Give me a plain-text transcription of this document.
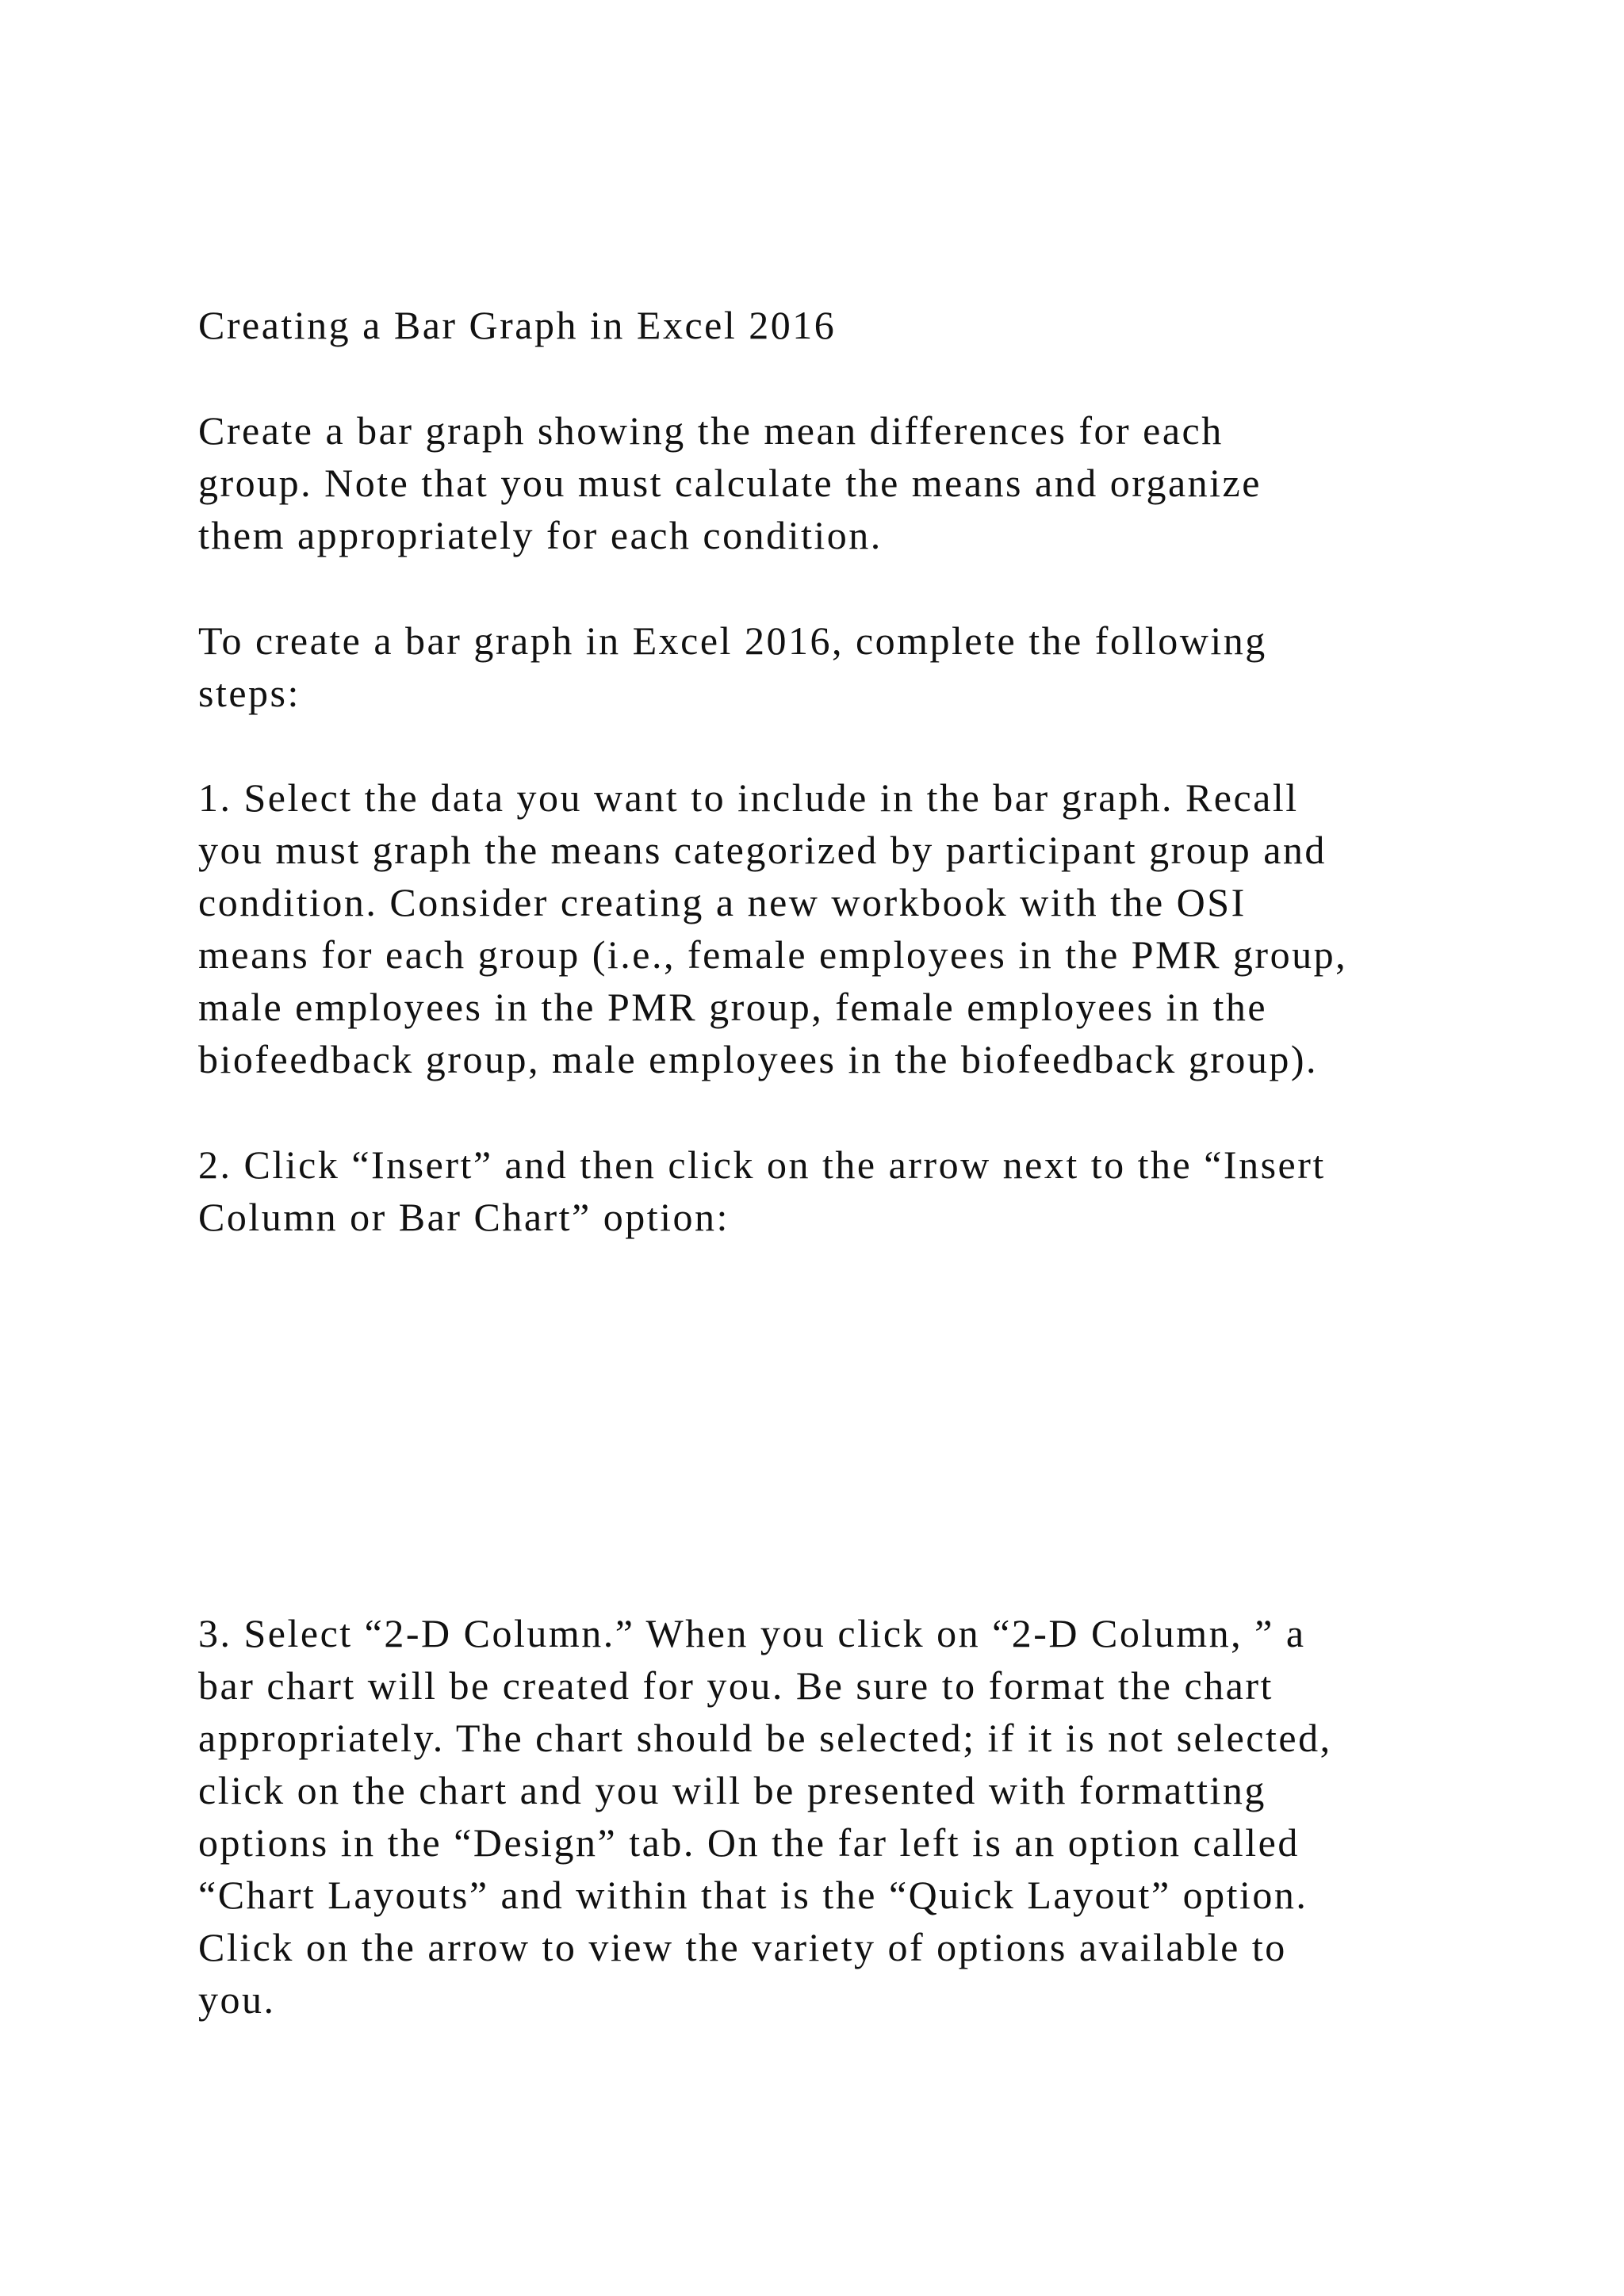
Creating a Bar Graph in Excel 2016

Create a bar graph showing the mean differences for each
group. Note that you must calculate the means and organize
them appropriately for each condition.

To create a bar graph in Excel 2016, complete the following
steps:

1. Select the data you want to include in the bar graph. Recall
you must graph the means categorized by participant group and
condition. Consider creating a new workbook with the OSI
means for each group (i.e., female employees in the PMR group,
male employees in the PMR group, female employees in the
biofeedback group, male employees in the biofeedback group).

2. Click “Insert” and then click on the arrow next to the “Insert
Column or Bar Chart” option:

3. Select “2-D Column.” When you click on “2-D Column, ” a
bar chart will be created for you. Be sure to format the chart
appropriately. The chart should be selected; if it is not selected,
click on the chart and you will be presented with formatting
options in the “Design” tab. On the far left is an option called
“Chart Layouts” and within that is the “Quick Layout” option.
Click on the arrow to view the variety of options available to
you.
